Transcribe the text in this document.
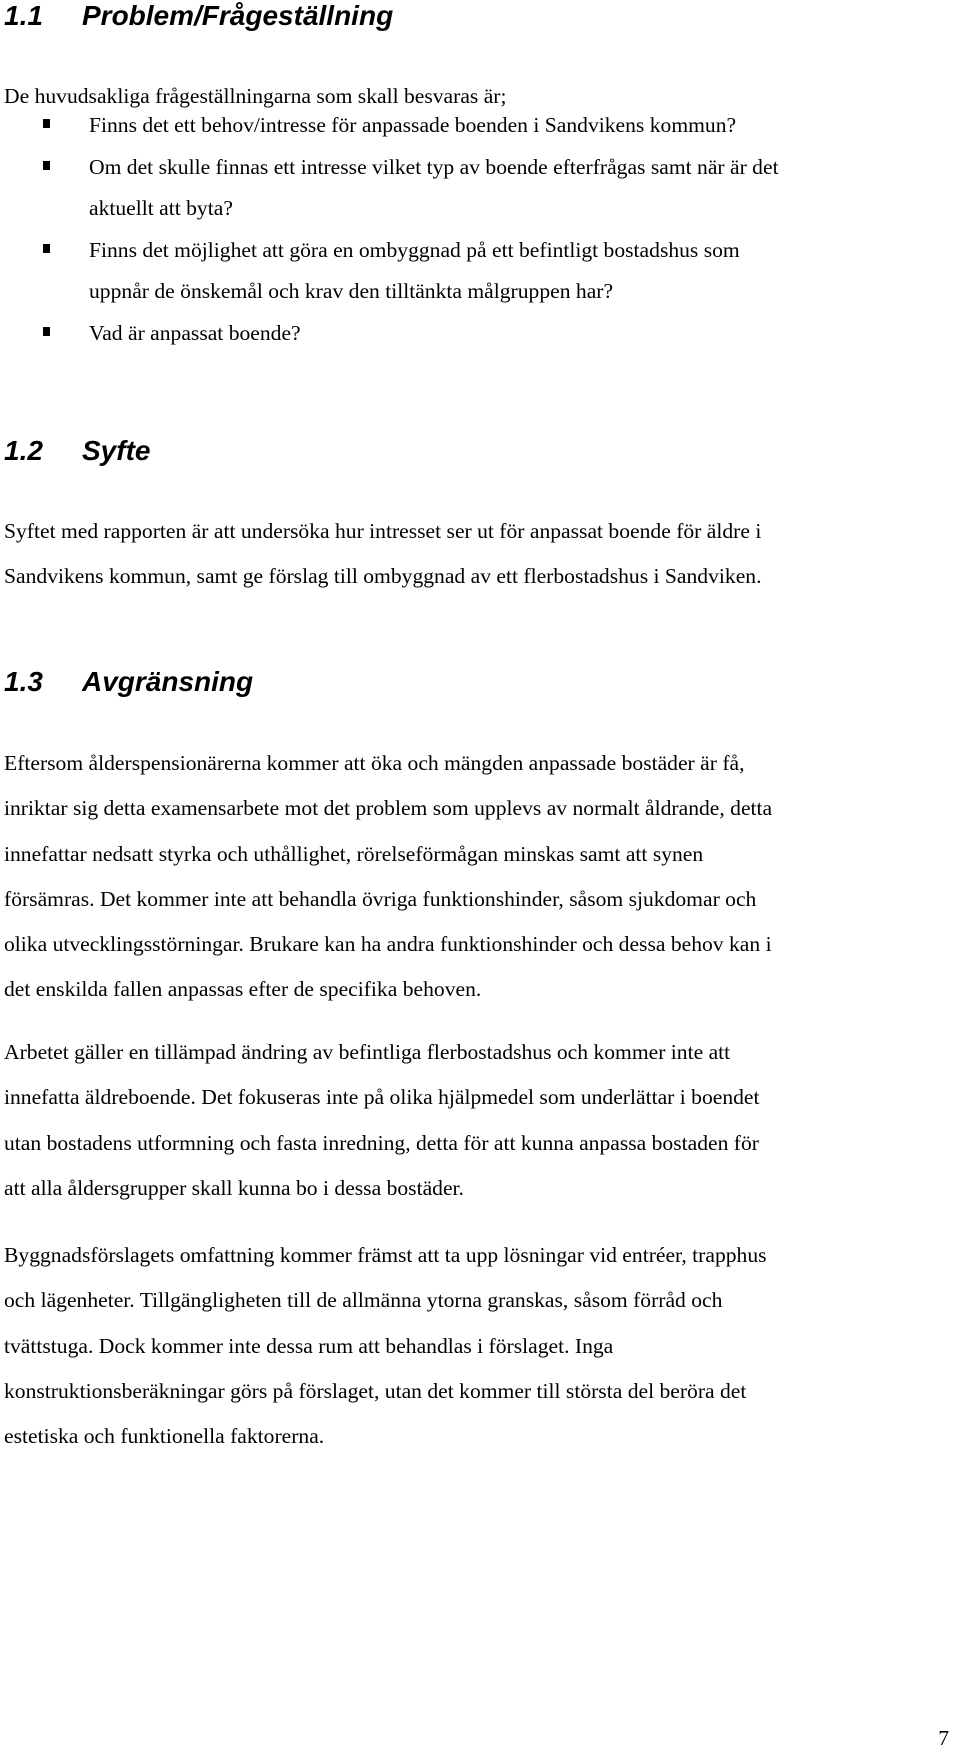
1.1 Problem/Frågeställning

De huvudsakliga frågeställningarna som skall besvaras är;

Finns det ett behov/intresse för anpassade boenden i Sandvikens kommun?
Om det skulle finnas ett intresse vilket typ av boende efterfrågas samt när är det
aktuellt att byta?
Finns det möjlighet att göra en ombyggnad på ett befintligt bostadshus som
uppnår de önskemål och krav den tilltänkta målgruppen har?
Vad är anpassat boende?
1.2 Syfte

Syftet med rapporten är att undersöka hur intresset ser ut för anpassat boende för äldre i
Sandvikens kommun, samt ge förslag till ombyggnad av ett flerbostadshus i Sandviken.

1.3 Avgränsning

Eftersom ålderspensionärerna kommer att öka och mängden anpassade bostäder är få,
inriktar sig detta examensarbete mot det problem som upplevs av normalt åldrande, detta
innefattar nedsatt styrka och uthållighet, rörelseförmågan minskas samt att synen
försämras. Det kommer inte att behandla övriga funktionshinder, såsom sjukdomar och
olika utvecklingsstörningar. Brukare kan ha andra funktionshinder och dessa behov kan i
det enskilda fallen anpassas efter de specifika behoven.

Arbetet gäller en tillämpad ändring av befintliga flerbostadshus och kommer inte att
innefatta äldreboende. Det fokuseras inte på olika hjälpmedel som underlättar i boendet
utan bostadens utformning och fasta inredning, detta för att kunna anpassa bostaden för
att alla åldersgrupper skall kunna bo i dessa bostäder.

Byggnadsförslagets omfattning kommer främst att ta upp lösningar vid entréer, trapphus
och lägenheter. Tillgängligheten till de allmänna ytorna granskas, såsom förråd och
tvättstuga. Dock kommer inte dessa rum att behandlas i förslaget. Inga
konstruktionsberäkningar görs på förslaget, utan det kommer till största del beröra det
estetiska och funktionella faktorerna.

7
